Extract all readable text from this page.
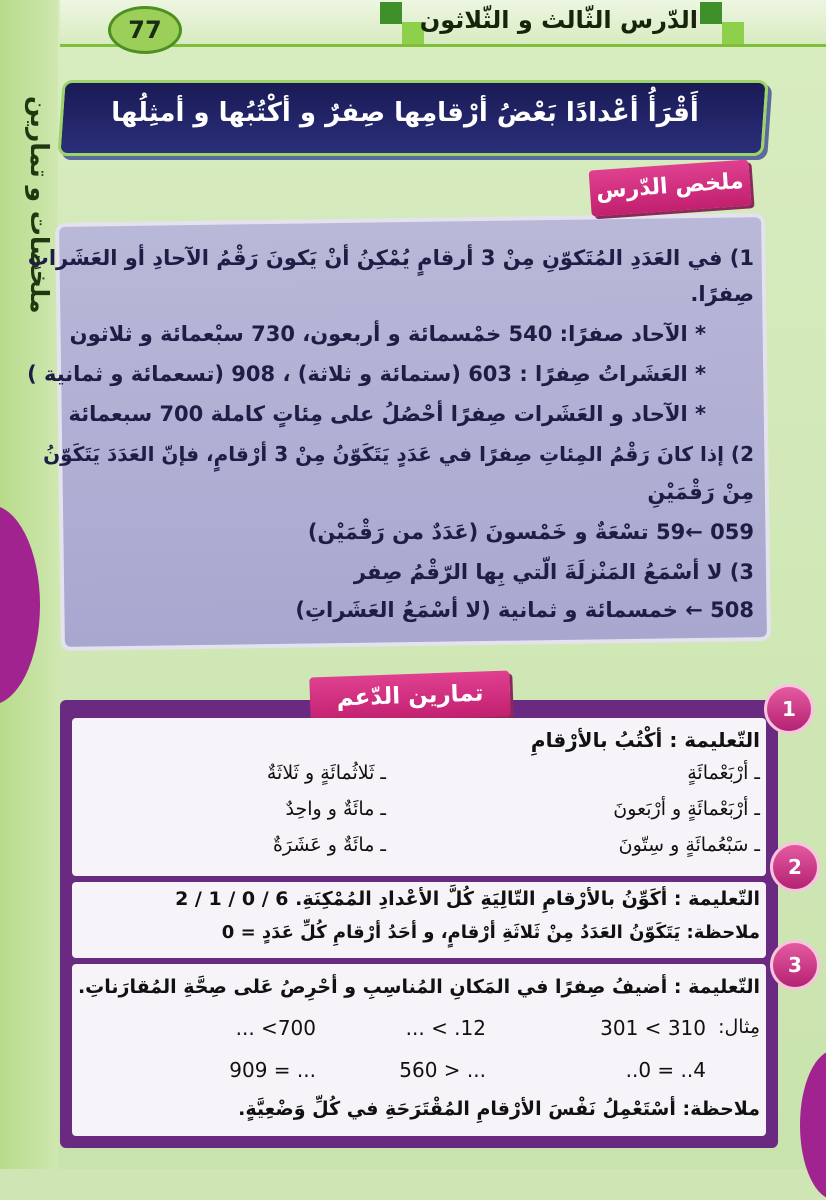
ملخصات و تمارين
77	الدّرس الثّالث و الثّلاثون
أَقْرَأُ أعْدادًا بَعْضُ أرْقامِها صِفرٌ و أكْتُبُها و أمثِلُها
ملخص الدّرس
1) في العَدَدِ المُتَكوّنِ مِنْ 3 أرقامٍ يُمْكِنُ أنْ يَكونَ رَقْمُ الآحادِ أو العَشَراتِ
صِفرًا.
* الآحاد صفرًا: 540 خمْسمائة و أربعون، 730 سبْعمائة و ثلاثون
* العَشَراتُ صِفرًا : 603 (ستمائة و ثلاثة) ، 908 (تسعمائة و ثمانية )
* الآحاد و العَشَرات صِفرًا أحْصُلُ على مِئاتٍ كاملة 700 سبعمائة
2) إذا كانَ رَقْمُ المِئاتِ صِفرًا في عَدَدٍ يَتَكَوّنُ مِنْ 3 أرْقامٍ، فإنّ العَدَدَ يَتَكَوّنُ
مِنْ رَقْمَيْنِ
059 ←59 تسْعَةٌ و خَمْسونَ (عَدَدٌ من رَقْمَيْن)
3) لا أسْمَعُ المَنْزلَةَ الّتي بِها الرّقْمُ صِفر
508 ← خمسمائة و ثمانية (لا أسْمَعُ العَشَراتِ)
تمارين الدّعم	1
التّعليمة : أكْتُبُ بالأرْقامِ
ـ أرْبَعْمائَةٍ
ـ ثَلاثُمائَةٍ و ثَلاثَةٌ
ـ أرْبَعْمائَةٍ و أرْبَعونَ
ـ مائَةٌ و واحِدٌ
ـ سَبْعُمائَةٍ و سِتّونَ
ـ مائَةٌ و عَشَرَةٌ
2
التّعليمة : أكَوِّنُ بالأرْقامِ التّالِيَةِ كُلَّ الأعْدادِ المُمْكِنَةِ. 6 / 0 / 1 / 2
ملاحظة: يَتَكَوّنُ العَدَدُ مِنْ ثَلاثَةِ أرْقامٍ، و أحَدُ أرْقامِ كُلِّ عَدَدٍ = 0
3
التّعليمة : أضيفُ صِفرًا في المَكانِ المُناسِبِ و أحْرِصُ عَلى صِحَّةِ المُقارَناتِ.
مِثال:
310 > 301
12. > ...
700> ...
4.. = 0..
... < 560
... = 909
ملاحظة: أسْتَعْمِلُ نَفْسَ الأرْقامِ المُقْتَرَحَةِ في كُلِّ وَضْعِيَّةٍ.
